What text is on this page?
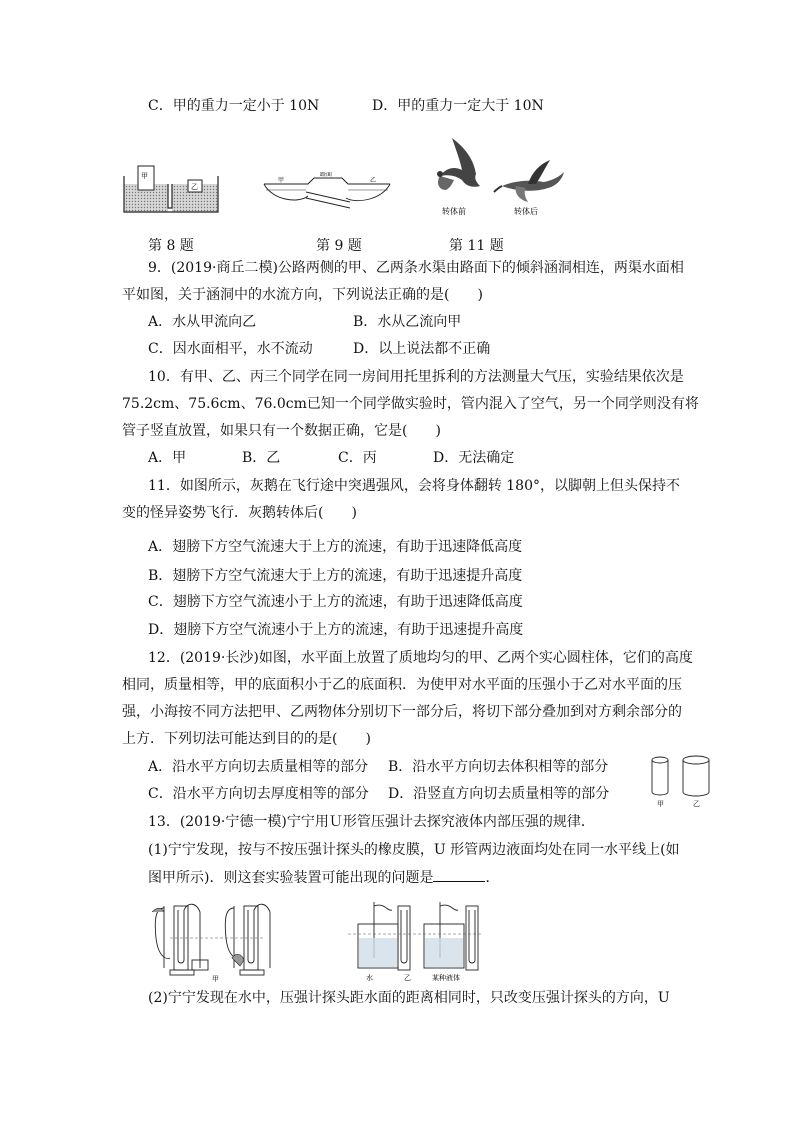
C．甲的重力一定小于 10N	D．甲的重力一定大于 10N
甲
乙
第 8 题
甲
路面
乙
第 9 题
转体前	转体后
第 11 题
9．(2019·商丘二模)公路两侧的甲、乙两条水渠由路面下的倾斜涵洞相连，两渠水面相
平如图，关于涵洞中的水流方向，下列说法正确的是(　　)
A．水从甲流向乙	B．水从乙流向甲
C．因水面相平，水不流动	D．以上说法都不正确
10．有甲、乙、丙三个同学在同一房间用托里拆利的方法测量大气压，实验结果依次是
75.2cm、75.6cm、76.0cm已知一个同学做实验时，管内混入了空气，另一个同学则没有将
管子竖直放置，如果只有一个数据正确，它是(　　)
A．甲	B．乙	C．丙	D．无法确定
11．如图所示，灰鹅在飞行途中突遇强风，会将身体翻转 180°，以脚朝上但头保持不
变的怪异姿势飞行．灰鹅转体后(　　)
A．翅膀下方空气流速大于上方的流速，有助于迅速降低高度
B．翅膀下方空气流速大于上方的流速，有助于迅速提升高度
C．翅膀下方空气流速小于上方的流速，有助于迅速降低高度
D．翅膀下方空气流速小于上方的流速，有助于迅速提升高度
12．(2019·长沙)如图，水平面上放置了质地均匀的甲、乙两个实心圆柱体，它们的高度
相同，质量相等，甲的底面积小于乙的底面积．为使甲对水平面的压强小于乙对水平面的压
强，小海按不同方法把甲、乙两物体分别切下一部分后，将切下部分叠加到对方剩余部分的
上方．下列切法可能达到目的的是(　　)
A．沿水平方向切去质量相等的部分 B．沿水平方向切去体积相等的部分
C．沿水平方向切去厚度相等的部分 D．沿竖直方向切去质量相等的部分
甲	乙
13．(2019·宁德一模)宁宁用Ｕ形管压强计去探究液体内部压强的规律．
(1)宁宁发现，按与不按压强计探头的橡皮膜，U 形管两边液面均处在同一水平线上(如
图甲所示)．则这套实验装置可能出现的问题是	．
甲	水	乙	某种液体
(2)宁宁发现在水中，压强计探头距水面的距离相同时，只改变压强计探头的方向，U
